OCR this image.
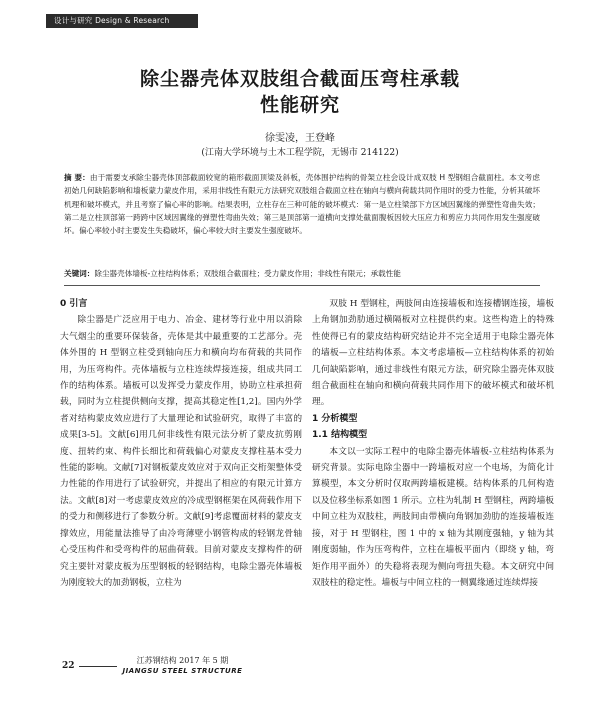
设计与研究 Design & Research
除尘器壳体双肢组合截面压弯柱承载
性能研究
徐雯凌，王登峰
(江南大学环境与土木工程学院，无锡市 214122)
摘 要：由于需要支承除尘器壳体顶部截面较宽的箱形截面顶梁及斜板，壳体围护结构的骨架立柱会设计成双肢 H 型钢组合截面柱。本文考虑初始几何缺陷影响和墙板蒙力蒙皮作用，采用非线性有限元方法研究双肢组合截面立柱在轴向与横向荷载共同作用时的受力性能，分析其破坏机理和破坏模式，并且考察了偏心率的影响。结果表明，立柱存在三种可能的破坏模式：第一是立柱梁部下方区域因翼缘的弹塑性弯曲失效；第二是立柱顶部第一跨跨中区域因翼缘的弹塑性弯曲失效；第三是顶部第一道横向支撑处截面腹板因较大压应力和剪应力共同作用发生强度破坏。偏心率较小时主要发生失稳破坏，偏心率较大时主要发生强度破坏。
关键词：除尘器壳体墙板-立柱结构体系；双肢组合截面柱；受力蒙皮作用；非线性有限元；承载性能

0 引言

除尘器是广泛应用于电力、冶金、建材等行业中用以消除大气烟尘的重要环保装备，壳体是其中最重要的工艺部分。壳体外围的 H 型钢立柱受到轴向压力和横向均布荷载的共同作用，为压弯构件。壳体墙板与立柱连续焊接连接，组成共同工作的结构体系。墙板可以发挥受力蒙皮作用，协助立柱承担荷载，同时为立柱提供侧向支撑，提高其稳定性[1,2]。国内外学者对结构蒙皮效应进行了大量理论和试验研究，取得了丰富的成果[3-5]。文献[6]用几何非线性有限元法分析了蒙皮抗剪刚度、扭转约束、构件长细比和荷载偏心对蒙皮支撑柱基本受力性能的影响。文献[7]对钢板蒙皮效应对于双向正交桁架整体受力性能的作用进行了试验研究，并提出了相应的有限元计算方法。文献[8]对一考虑蒙皮效应的冷成型钢框架在风荷载作用下的受力和侧移进行了参数分析。文献[9]考虑覆面材料的蒙皮支撑效应，用能量法推导了由冷弯薄壁小钢管构成的轻钢龙骨轴心受压构件和受弯构件的屈曲荷载。目前对蒙皮支撑构件的研究主要针对蒙皮板为压型钢板的轻钢结构，电除尘器壳体墙板为刚度较大的加劲钢板，立柱为

双肢 H 型钢柱，两肢间由连接墙板和连接槽钢连接，墙板上角钢加劲肋通过横隔板对立柱提供约束。这些构造上的特殊性使得已有的蒙皮结构研究结论并不完全适用于电除尘器壳体的墙板—立柱结构体系。本文考虑墙板—立柱结构体系的初始几何缺陷影响，通过非线性有限元方法，研究除尘器壳体双肢组合截面柱在轴向和横向荷载共同作用下的破坏模式和破坏机理。

1 分析模型

1.1 结构模型

本文以一实际工程中的电除尘器壳体墙板-立柱结构体系为研究背景。实际电除尘器中一跨墙板对应一个电场，为简化计算模型，本文分析时仅取两跨墙板建模。结构体系的几何构造以及位移坐标系如图 1 所示。立柱为轧制 H 型钢柱，两跨墙板中间立柱为双肢柱，两肢间由带横向角钢加劲肋的连接墙板连接，对于 H 型钢柱，图 1 中的 x 轴为其刚度强轴，y 轴为其刚度弱轴，作为压弯构件，立柱在墙板平面内（即绕 y 轴，弯矩作用平面外）的失稳将表现为侧向弯扭失稳。本文研究中间双肢柱的稳定性。墙板与中间立柱的一侧翼缘通过连续焊接

22江苏钢结构 2017 年 5 期
JIANGSU STEEL STRUCTURE
